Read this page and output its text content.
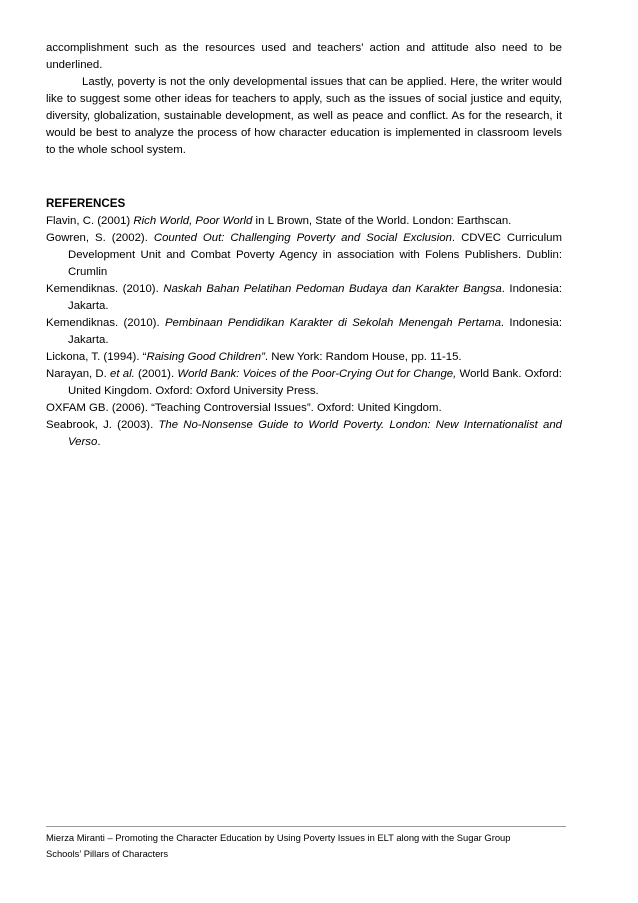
accomplishment such as the resources used and teachers’ action and attitude also need to be underlined.

Lastly, poverty is not the only developmental issues that can be applied. Here, the writer would like to suggest some other ideas for teachers to apply, such as the issues of social justice and equity, diversity, globalization, sustainable development, as well as peace and conflict. As for the research, it would be best to analyze the process of how character education is implemented in classroom levels to the whole school system.

REFERENCES

Flavin, C. (2001) Rich World, Poor World in L Brown, State of the World. London: Earthscan.

Gowren, S. (2002). Counted Out: Challenging Poverty and Social Exclusion. CDVEC Curriculum Development Unit and Combat Poverty Agency in association with Folens Publishers. Dublin: Crumlin

Kemendiknas. (2010). Naskah Bahan Pelatihan Pedoman Budaya dan Karakter Bangsa. Indonesia: Jakarta.

Kemendiknas. (2010). Pembinaan Pendidikan Karakter di Sekolah Menengah Pertama. Indonesia: Jakarta.

Lickona, T. (1994). “Raising Good Children”. New York: Random House, pp. 11-15.

Narayan, D. et al. (2001). World Bank: Voices of the Poor-Crying Out for Change, World Bank. Oxford: United Kingdom. Oxford: Oxford University Press.

OXFAM GB. (2006). “Teaching Controversial Issues”. Oxford: United Kingdom.

Seabrook, J. (2003). The No-Nonsense Guide to World Poverty. London: New Internationalist and Verso.

Mierza Miranti – Promoting the Character Education by Using Poverty Issues in ELT along with the Sugar Group
Schools’ Pillars of Characters
